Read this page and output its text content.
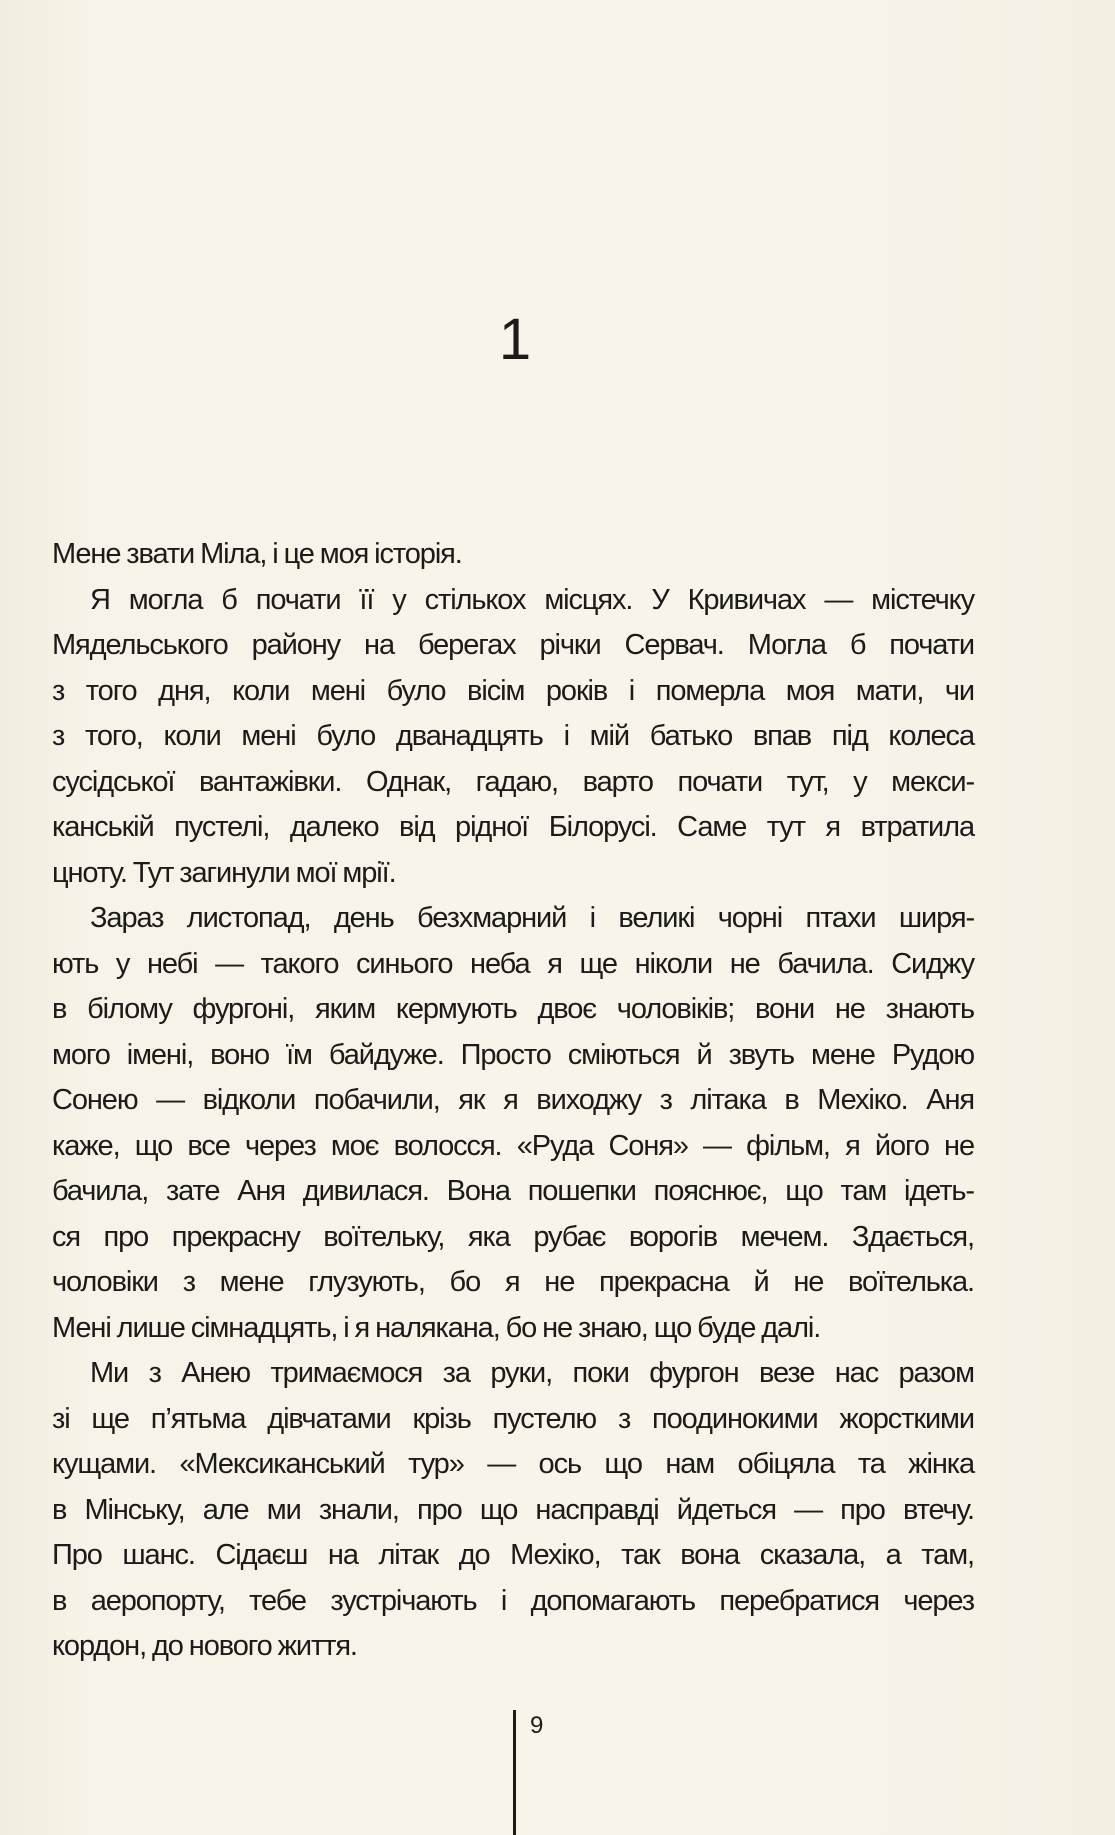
1

Мене звати Міла, і це моя історія.

Я могла б почати її у стількох місцях. У Кривичах — містечку

Мядельського району на берегах річки Сервач. Могла б почати
з того дня, коли мені було вісім років і померла моя мати, чи
з того, коли мені було дванадцять і мій батько впав під колеса
сусідської вантажівки. Однак, гадаю, варто почати тут, у мекси-
канській пустелі, далеко від рідної Білорусі. Саме тут я втратила
цноту. Тут загинули мої мрії.

Зараз листопад, день безхмарний і великі чорні птахи ширя-

ють у небі — такого синього неба я ще ніколи не бачила. Сиджу
в білому фургоні, яким кермують двоє чоловіків; вони не знають
мого імені, воно їм байдуже. Просто сміються й звуть мене Рудою
Сонею — відколи побачили, як я виходжу з літака в Мехіко. Аня
каже, що все через моє волосся. «Руда Соня» — фільм, я його не
бачила, зате Аня дивилася. Вона пошепки пояснює, що там ідеть-
ся про прекрасну воїтельку, яка рубає ворогів мечем. Здається,
чоловіки з мене глузують, бо я не прекрасна й не воїтелька.
Мені лише сімнадцять, і я налякана, бо не знаю, що буде далі.

Ми з Анею тримаємося за руки, поки фургон везе нас разом

зі ще п’ятьма дівчатами крізь пустелю з поодинокими жорсткими
кущами. «Мексиканський тур» — ось що нам обіцяла та жінка
в Мінську, але ми знали, про що насправді йдеться — про втечу.
Про шанс. Сідаєш на літак до Мехіко, так вона сказала, а там,
в аеропорту, тебе зустрічають і допомагають перебратися через
кордон, до нового життя.

9
